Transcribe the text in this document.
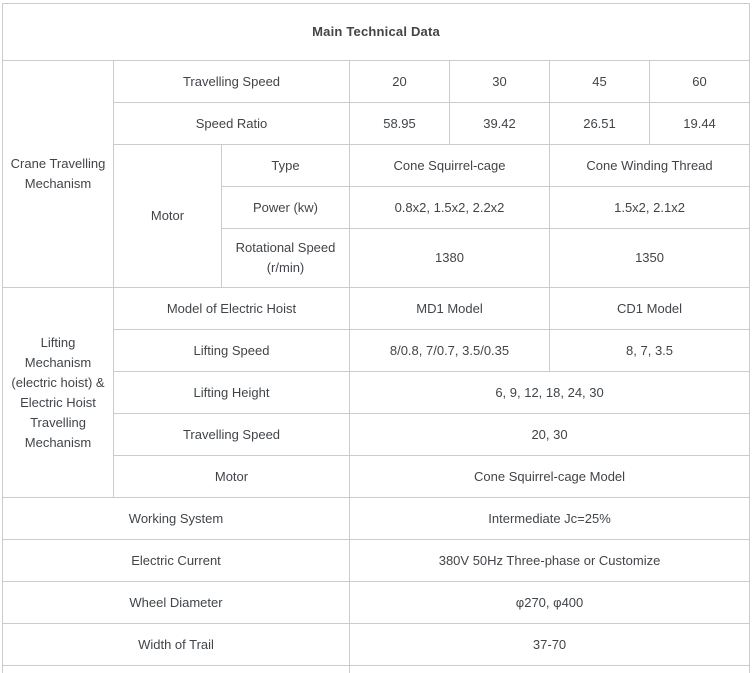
Main Technical Data						
Crane Travelling Mechanism	Travelling Speed		20	30	45	60
	Speed Ratio		58.95	39.42	26.51	19.44
	Motor	Type	Cone Squirrel-cage		Cone Winding Thread	
		Power (kw)	0.8x2, 1.5x2, 2.2x2		1.5x2, 2.1x2	
		Rotational Speed (r/min)	1380		1350	
Lifting Mechanism (electric hoist) & Electric Hoist Travelling Mechanism	Model of Electric Hoist		MD1 Model		CD1 Model	
	Lifting Speed		8/0.8, 7/0.7, 3.5/0.35		8, 7, 3.5	
	Lifting Height		6, 9, 12, 18, 24, 30			
	Travelling Speed		20, 30			
	Motor		Cone Squirrel-cage Model			
Working System			Intermediate Jc=25%			
Electric Current			380V 50Hz Three-phase or Customize			
Wheel Diameter			φ270, φ400			
Width of Trail			37-70			
